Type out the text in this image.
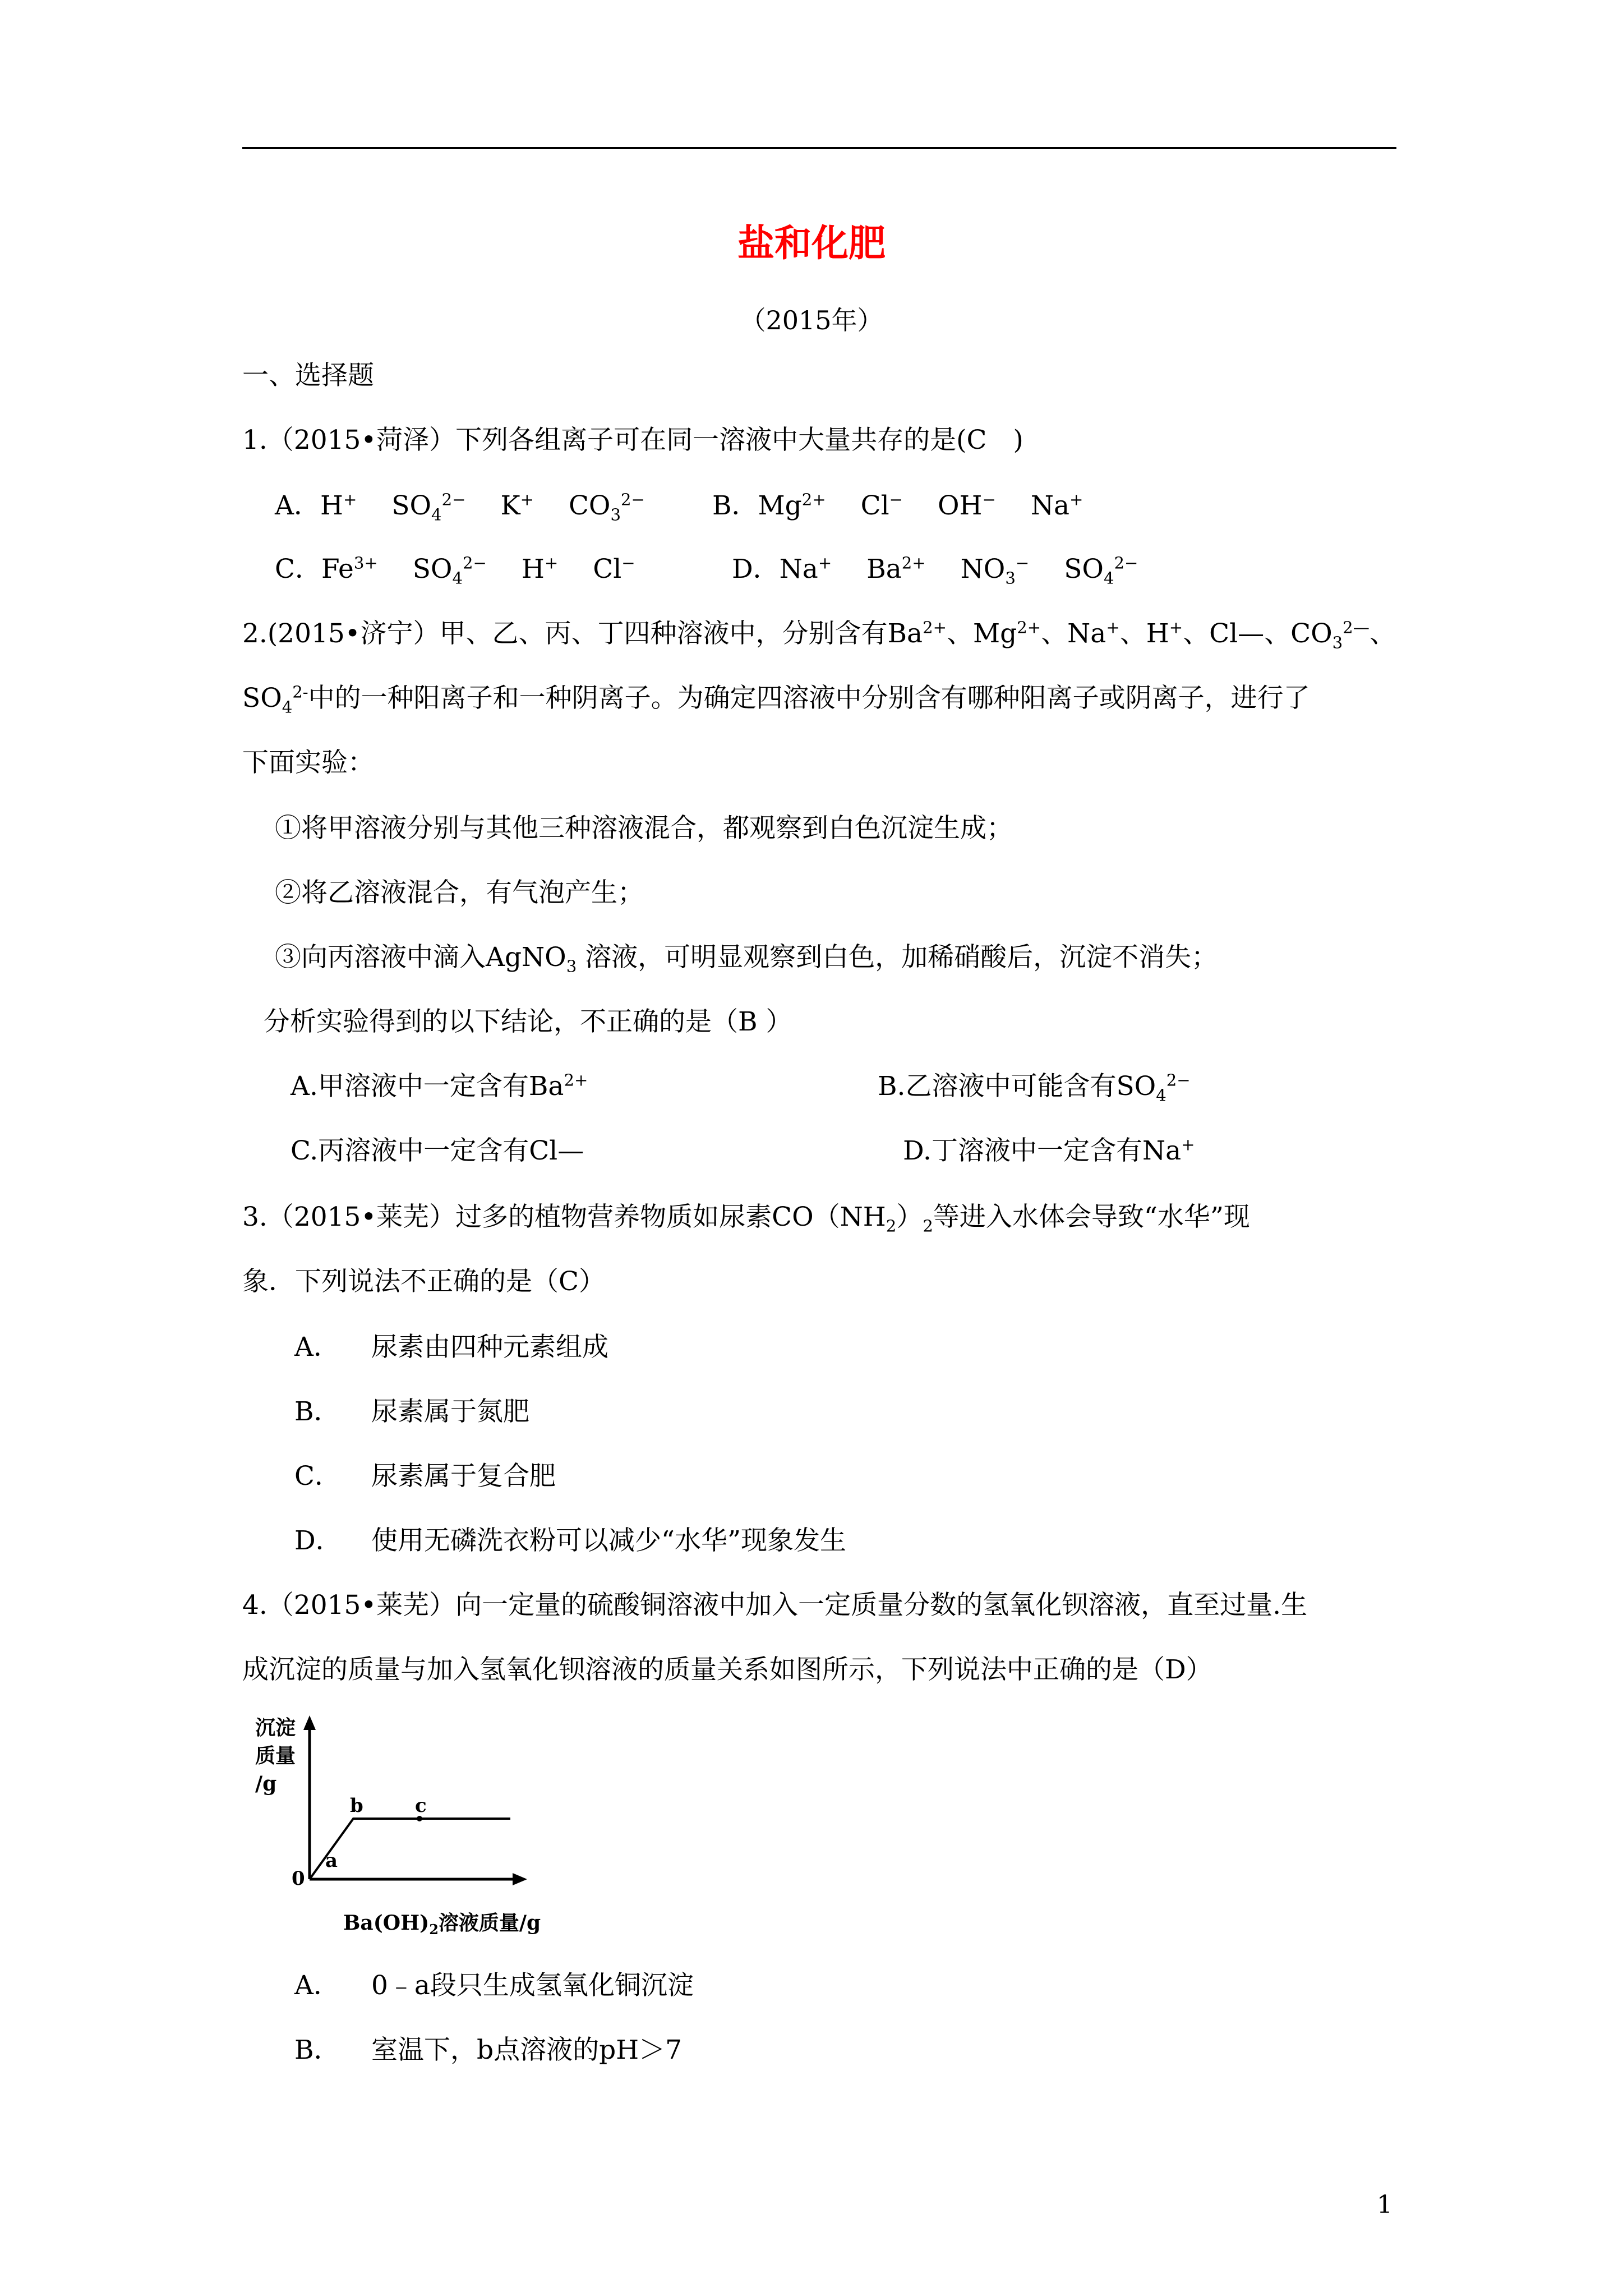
盐和化肥
（2015年）
一、选择题
1.（2015•菏泽）下列各组离子可在同一溶液中大量共存的是(C　)
A．H+　 $SO_4^{2-}$　 K+　 $CO_3^{2-}$	B．$Mg^{2+}$　 Cl−　 OH−　 Na+
C．$Fe^{3+}$　 $SO_4^{2-}$　 H+　 Cl−	D．Na+　 $Ba^{2+}$　 $NO_3^-$　 $SO_4^{2-}$
2.(2015•济宁）甲、乙、丙、丁四种溶液中，分别含有$Ba^{2+}$、$Mg^{2+}$、Na+、H+、Cl—、$CO_3^{2—}$、
$SO_4^{2-}$中的一种阳离子和一种阴离子。为确定四溶液中分别含有哪种阳离子或阴离子，进行了
下面实验：
①将甲溶液分别与其他三种溶液混合，都观察到白色沉淀生成；
②将乙溶液混合，有气泡产生；
③向丙溶液中滴入AgNO$_3$ 溶液，可明显观察到白色，加稀硝酸后，沉淀不消失；
分析实验得到的以下结论，不正确的是（B ）
A.甲溶液中一定含有$Ba^{2+}$	B.乙溶液中可能含有$SO_4^{2-}$
C.丙溶液中一定含有Cl—	D.丁溶液中一定含有Na+
3.（2015•莱芜）过多的植物营养物质如尿素$CO(NH_2)_2$等进入水体会导致“水华”现
象．下列说法不正确的是（C）
A． 尿素由四种元素组成
B． 尿素属于氮肥
C． 尿素属于复合肥
D． 使用无磷洗衣粉可以减少“水华”现象发生
4.（2015•莱芜）向一定量的硫酸铜溶液中加入一定质量分数的氢氧化钡溶液，直至过量.生
成沉淀的质量与加入氢氧化钡溶液的质量关系如图所示，下列说法中正确的是（D）
沉淀
质量
/g
0
a
b	c
$Ba(OH)_2$溶液质量/g
A． 0﹣a段只生成氢氧化铜沉淀
B． 室温下，b点溶液的pH＞7
1
